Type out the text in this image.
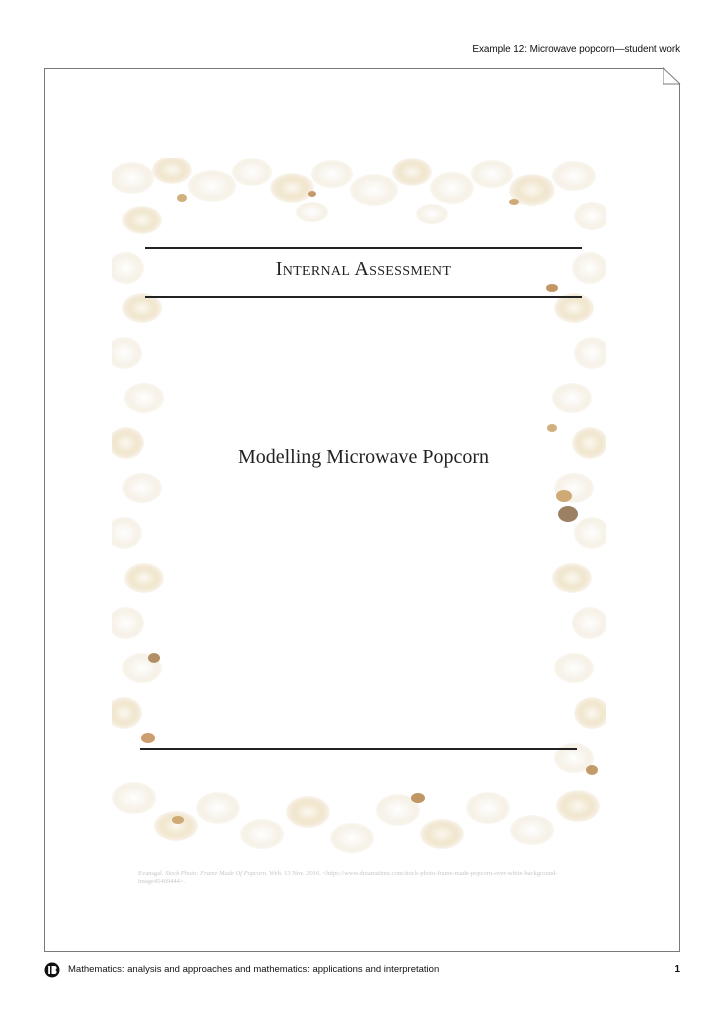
Example 12: Microwave popcorn—student work
Internal Assessment
Modelling Microwave Popcorn
Evansgal. Stock Photo: Frame Made Of Popcorn. Web. 13 Nov. 2016. <https://www.dreamstime.com/stock-photo-frame-made-popcorn-over-white-background-image45469444>.
Mathematics: analysis and approaches and mathematics: applications and interpretation	1
